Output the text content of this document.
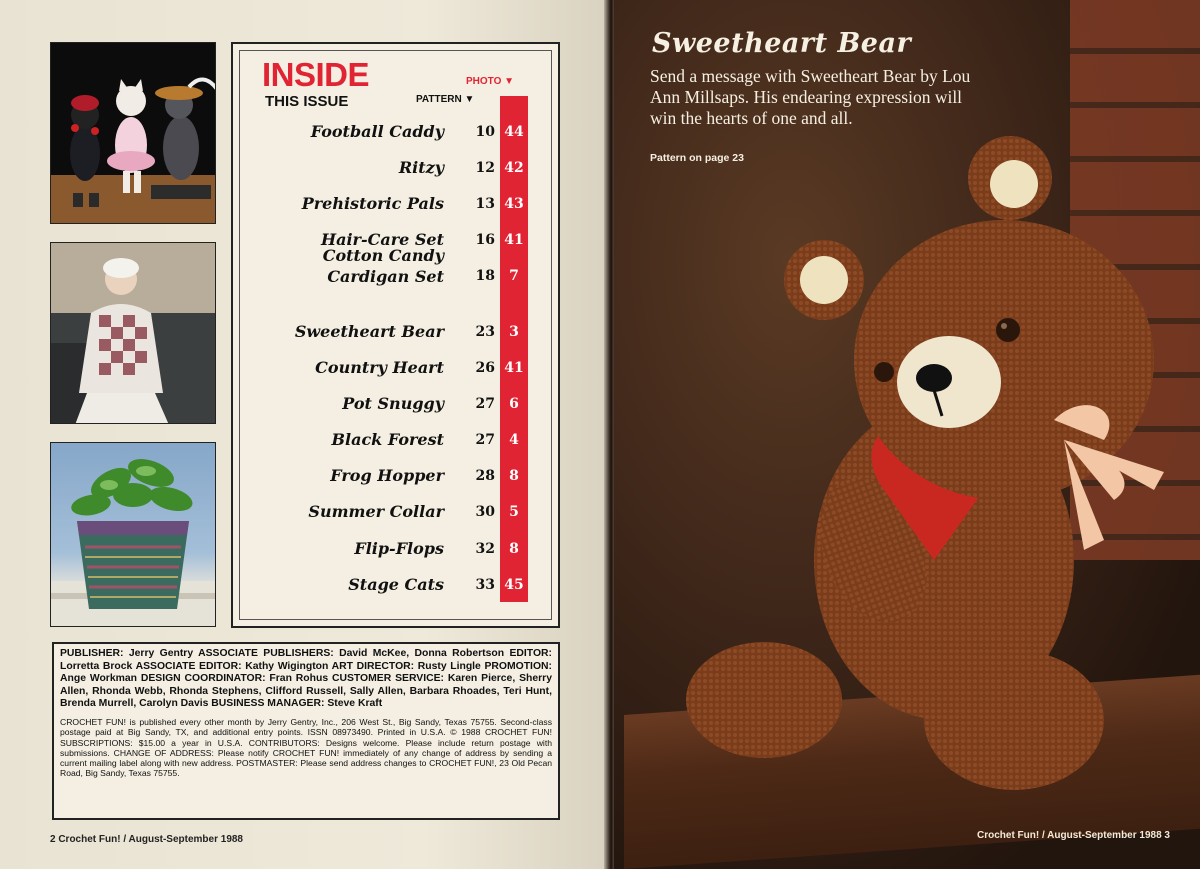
INSIDE
THIS ISSUE	PATTERN ▼
PHOTO ▼
Football Caddy	10 44
Ritzy	12 42
Prehistoric Pals	13 43
Hair-Care Set	16 41
Cotton Candy
Cardigan Set	18	7
Sweetheart Bear	23	3
Country Heart	26 41
Pot Snuggy	27	6
Black Forest	27	4
Frog Hopper	28	8
Summer Collar	30	5
Flip-Flops	32	8
Stage Cats	33 45

PUBLISHER: Jerry Gentry ASSOCIATE PUBLISHERS: David McKee, Donna Robertson EDITOR: Lorretta Brock ASSOCIATE EDITOR: Kathy Wigington ART DIRECTOR: Rusty Lingle PROMOTION: Ange Workman DESIGN COORDINATOR: Fran Rohus CUSTOMER SERVICE: Karen Pierce, Sherry Allen, Rhonda Webb, Rhonda Stephens, Clifford Russell, Sally Allen, Barbara Rhoades, Teri Hunt, Brenda Murrell, Carolyn Davis BUSINESS MANAGER: Steve Kraft

CROCHET FUN! is published every other month by Jerry Gentry, Inc., 206 West St., Big Sandy, Texas 75755. Second-class postage paid at Big Sandy, TX, and additional entry points. ISSN 08973490. Printed in U.S.A. © 1988 CROCHET FUN! SUBSCRIPTIONS: $15.00 a year in U.S.A. CONTRIBUTORS: Designs welcome. Please include return postage with submissions. CHANGE OF ADDRESS: Please notify CROCHET FUN! immediately of any change of address by sending a current mailing label along with new address. POSTMASTER: Please send address changes to CROCHET FUN!, 23 Old Pecan Road, Big Sandy, Texas 75755.

2 Crochet Fun! / August-September 1988
Sweetheart Bear
Send a message with Sweetheart Bear by Lou Ann Millsaps. His endearing expression will win the hearts of one and all.
Pattern on page 23
Crochet Fun! / August-September 1988 3
